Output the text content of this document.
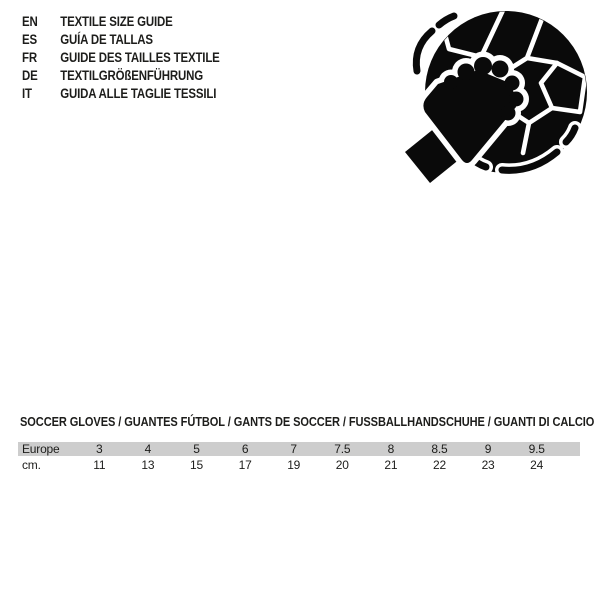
EN	TEXTILE SIZE GUIDE
ES	GUÍA DE TALLAS
FR	GUIDE DES TAILLES TEXTILE
DE	TEXTILGRÖßENFÜHRUNG
IT	GUIDA ALLE TAGLIE TESSILI
SOCCER GLOVES / GUANTES FÚTBOL / GANTS DE SOCCER / FUSSBALLHANDSCHUHE / GUANTI DI CALCIO
Europe	3	4	5	6	7	7.5	8	8.5	9	9.5	
cm.	11	13	15	17	19	20	21	22	23	24	
